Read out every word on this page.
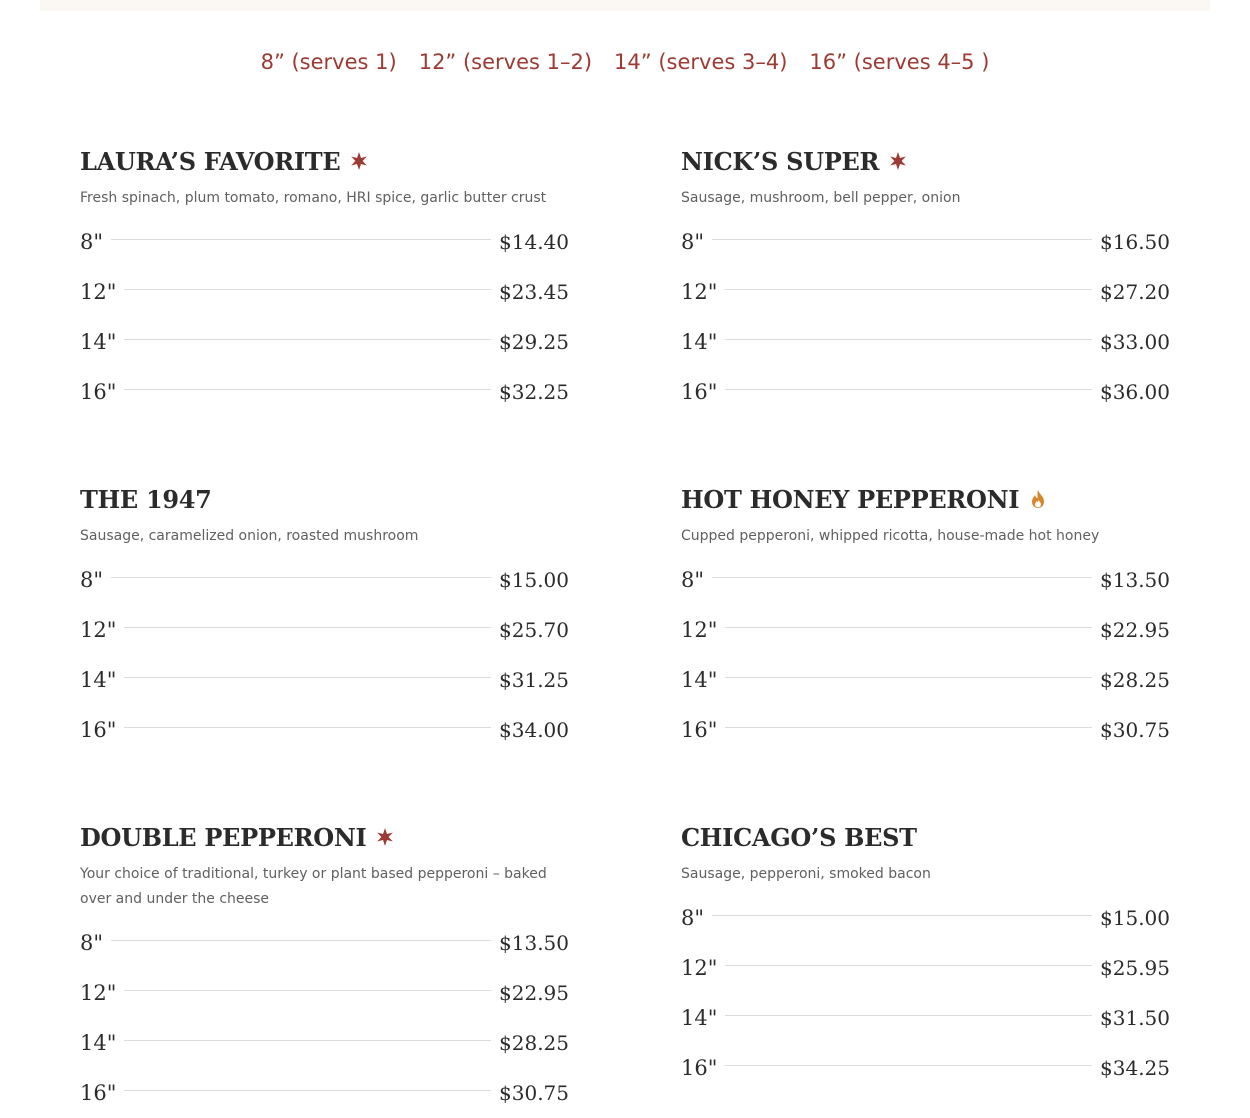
8” (serves 1) 12” (serves 1–2) 14” (serves 3–4) 16” (serves 4–5 )
LAURA’S FAVORITE
Fresh spinach, plum tomato, romano, HRI spice, garlic butter crust
8"	$14.40
12"	$23.45
14"	$29.25
16"	$32.25
NICK’S SUPER
Sausage, mushroom, bell pepper, onion
8"	$16.50
12"	$27.20
14"	$33.00
16"	$36.00
THE 1947
Sausage, caramelized onion, roasted mushroom
8"	$15.00
12"	$25.70
14"	$31.25
16"	$34.00
HOT HONEY PEPPERONI
Cupped pepperoni, whipped ricotta, house-made hot honey
8"	$13.50
12"	$22.95
14"	$28.25
16"	$30.75
DOUBLE PEPPERONI
Your choice of traditional, turkey or plant based pepperoni – baked over and under the cheese
8"	$13.50
12"	$22.95
14"	$28.25
16"	$30.75
CHICAGO’S BEST
Sausage, pepperoni, smoked bacon
8"	$15.00
12"	$25.95
14"	$31.50
16"	$34.25
